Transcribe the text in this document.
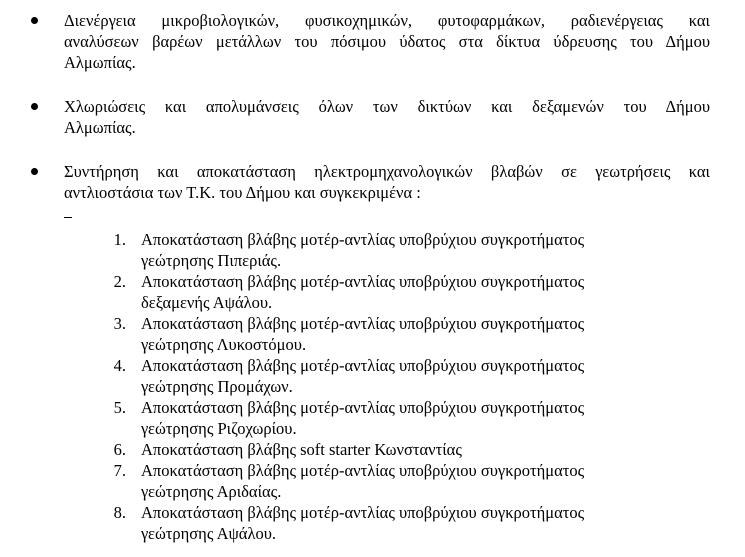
Διενέργεια μικροβιολογικών, φυσικοχημικών, φυτοφαρμάκων, ραδιενέργειας και
αναλύσεων βαρέων μετάλλων του πόσιμου ύδατος στα δίκτυα ύδρευσης του Δήμου
Αλμωπίας.
Χλωριώσεις και απολυμάνσεις όλων των δικτύων και δεξαμενών του Δήμου
Αλμωπίας.
Συντήρηση και αποκατάσταση ηλεκτρομηχανολογικών βλαβών σε γεωτρήσεις και
αντλιοστάσια των Τ.Κ. του Δήμου και συγκεκριμένα :
1. Αποκατάσταση βλάβης μοτέρ-αντλίας υποβρύχιου συγκροτήματος
γεώτρησης Πιπεριάς.
2. Αποκατάσταση βλάβης μοτέρ-αντλίας υποβρύχιου συγκροτήματος
δεξαμενής Αψάλου.
3. Αποκατάσταση βλάβης μοτέρ-αντλίας υποβρύχιου συγκροτήματος
γεώτρησης Λυκοστόμου.
4. Αποκατάσταση βλάβης μοτέρ-αντλίας υποβρύχιου συγκροτήματος
γεώτρησης Προμάχων.
5. Αποκατάσταση βλάβης μοτέρ-αντλίας υποβρύχιου συγκροτήματος
γεώτρησης Ριζοχωρίου.
6. Αποκατάσταση βλάβης soft starter Κωνσταντίας
7. Αποκατάσταση βλάβης μοτέρ-αντλίας υποβρύχιου συγκροτήματος
γεώτρησης Αριδαίας.
8. Αποκατάσταση βλάβης μοτέρ-αντλίας υποβρύχιου συγκροτήματος
γεώτρησης Αψάλου.
